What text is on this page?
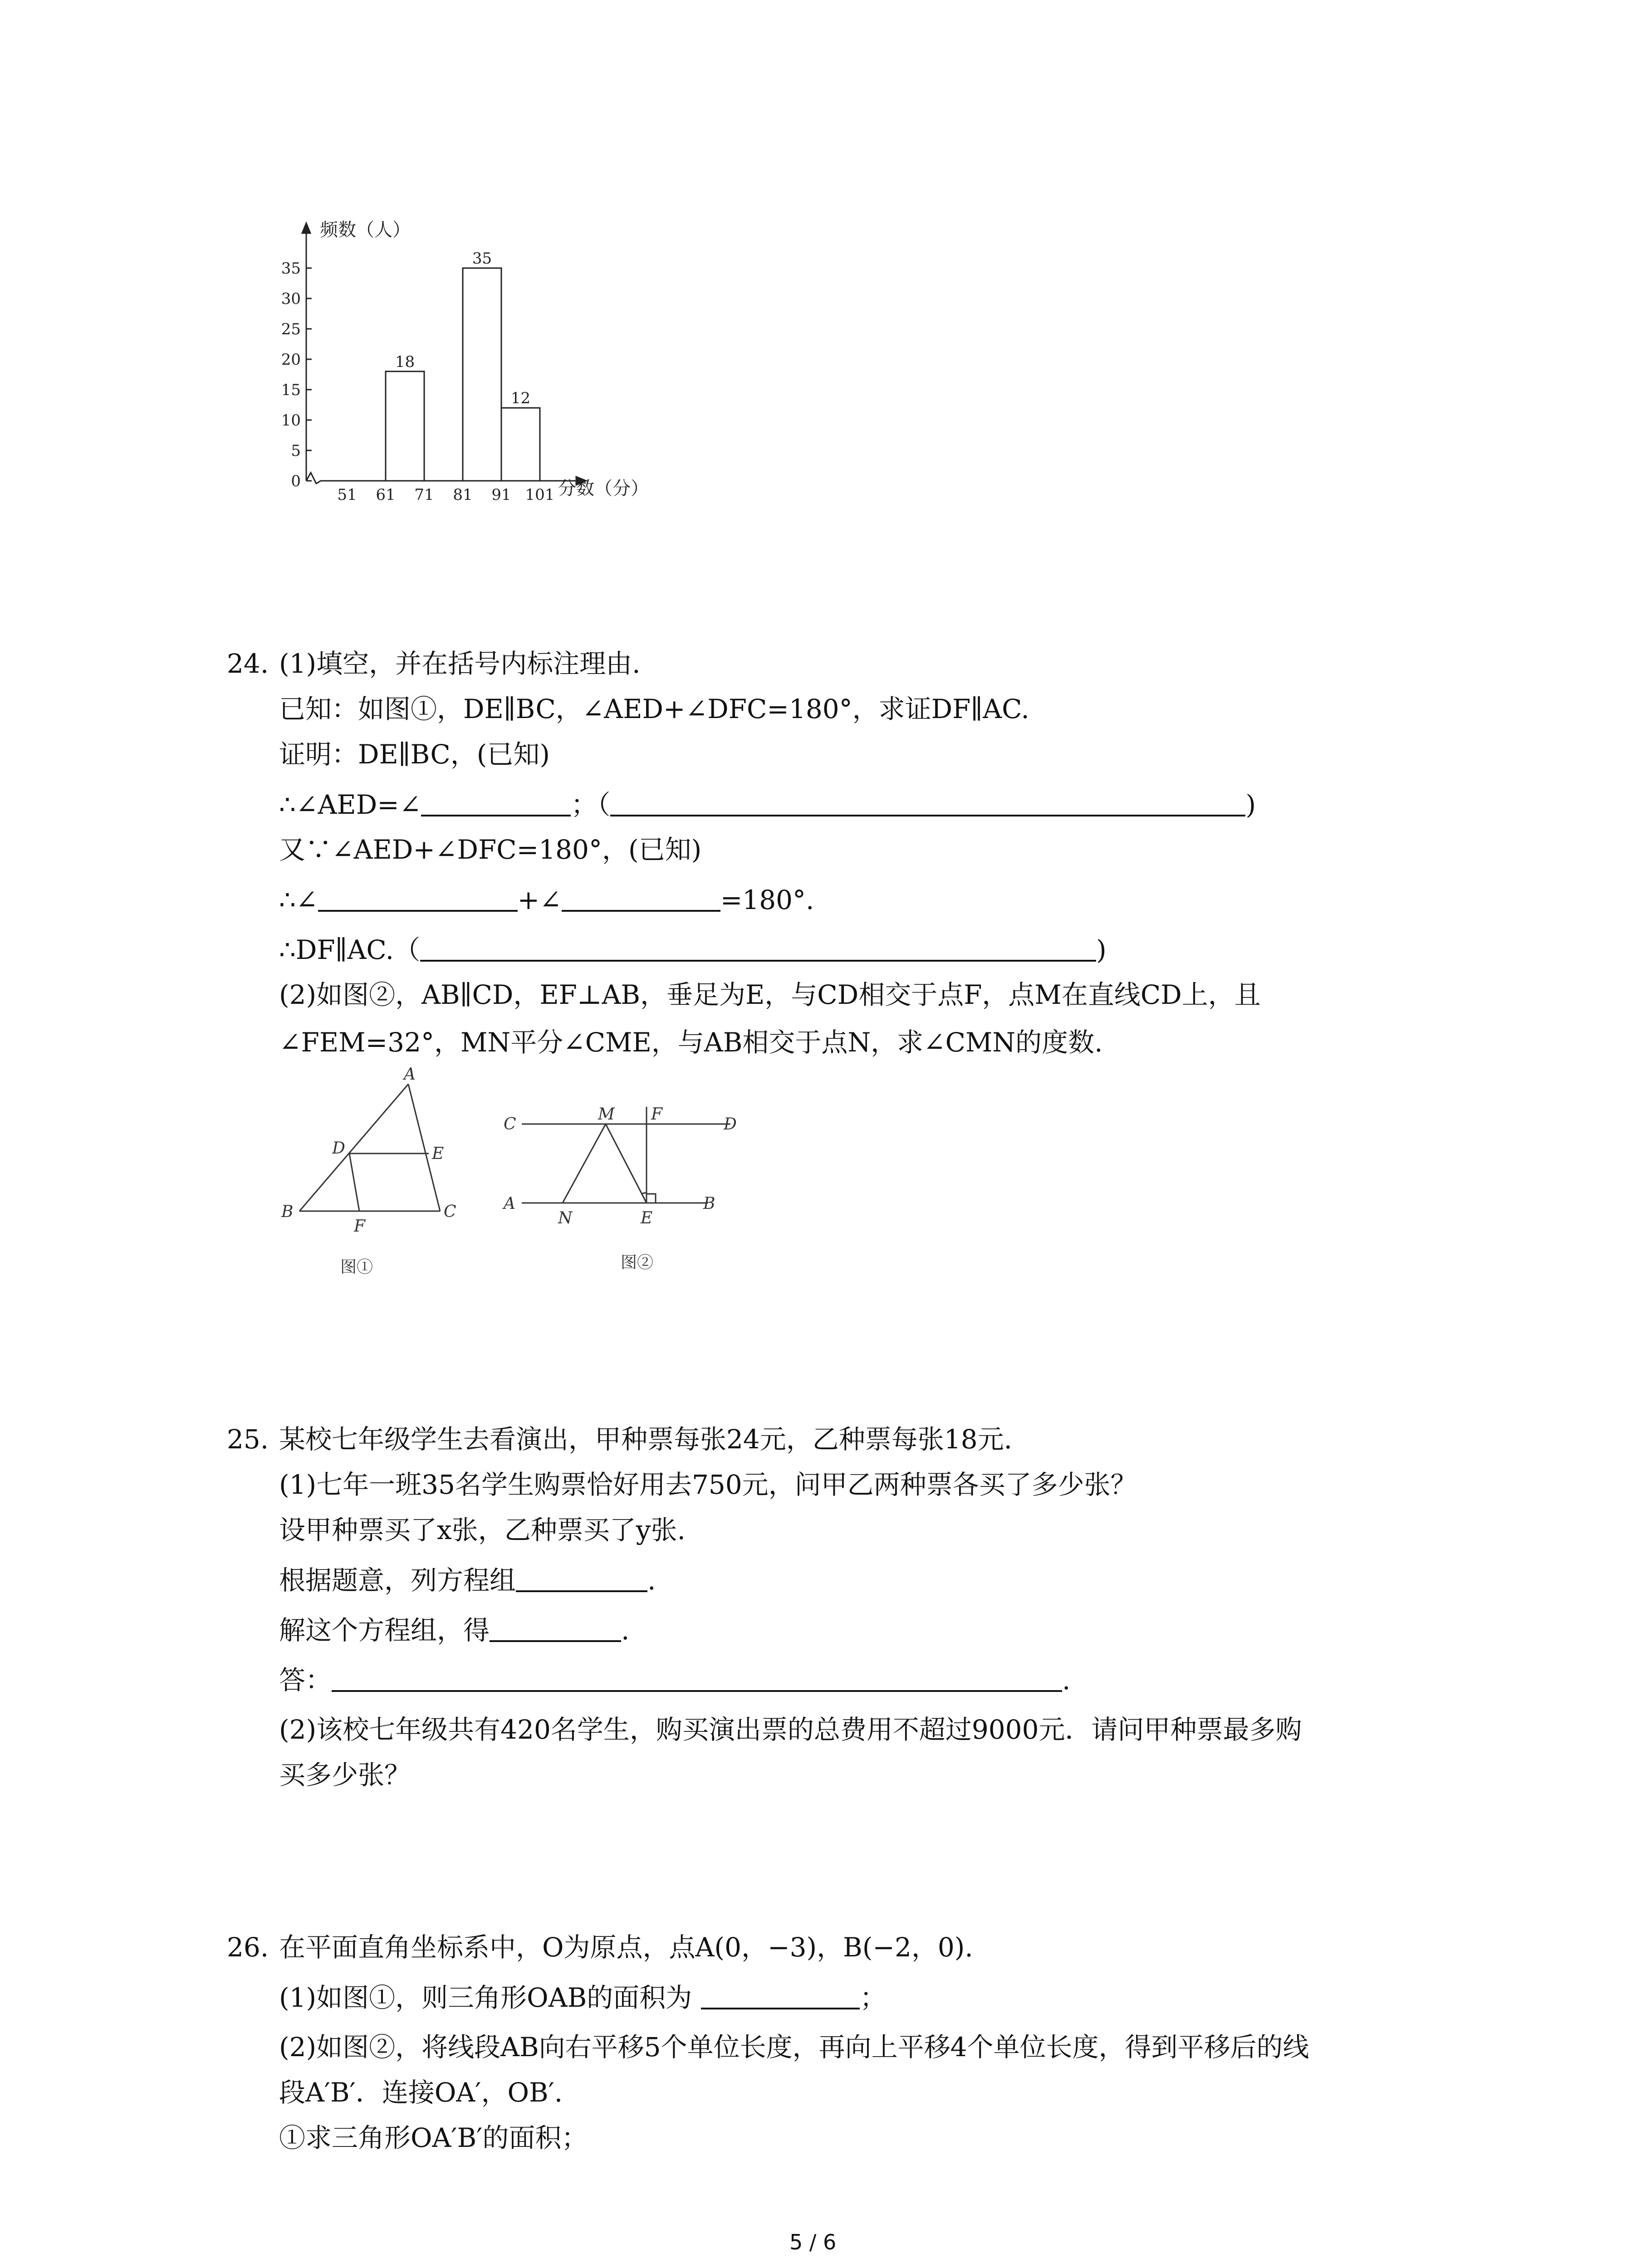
频数（人）
分数（分）
0
5
10
15
20
25
30
35
51 61 71 81 91 101
18
35
12
24. (1)填空，并在括号内标注理由.
已知：如图①，DE∥BC，∠AED+∠DFC=180°，求证DF∥AC.
证明：DE∥BC，(已知)
∴∠AED=∠	；（	)
又∵∠AED+∠DFC=180°，(已知)
∴∠	+∠	=180°.
∴DF∥AC.（	)
(2)如图②，AB∥CD，EF⊥AB，垂足为E，与CD相交于点F，点M在直线CD上，且
∠FEM=32°，MN平分∠CME，与AB相交于点N，求∠CMN的度数.
A
D	E
B
F
C
图①
C
M F
D
A	B
N	E
图②
25. 某校七年级学生去看演出，甲种票每张24元，乙种票每张18元.
(1)七年一班35名学生购票恰好用去750元，问甲乙两种票各买了多少张？
设甲种票买了x张，乙种票买了y张.
根据题意，列方程组	.
解这个方程组，得	.
答：	.
(2)该校七年级共有420名学生，购买演出票的总费用不超过9000元．请问甲种票最多购
买多少张？
26. 在平面直角坐标系中，O为原点，点A(0，−3)，B(−2，0).
(1)如图①，则三角形OAB的面积为	；
(2)如图②，将线段AB向右平移5个单位长度，再向上平移4个单位长度，得到平移后的线
段A′B′．连接OA′，OB′.
①求三角形OA′B′的面积；
5 / 6
